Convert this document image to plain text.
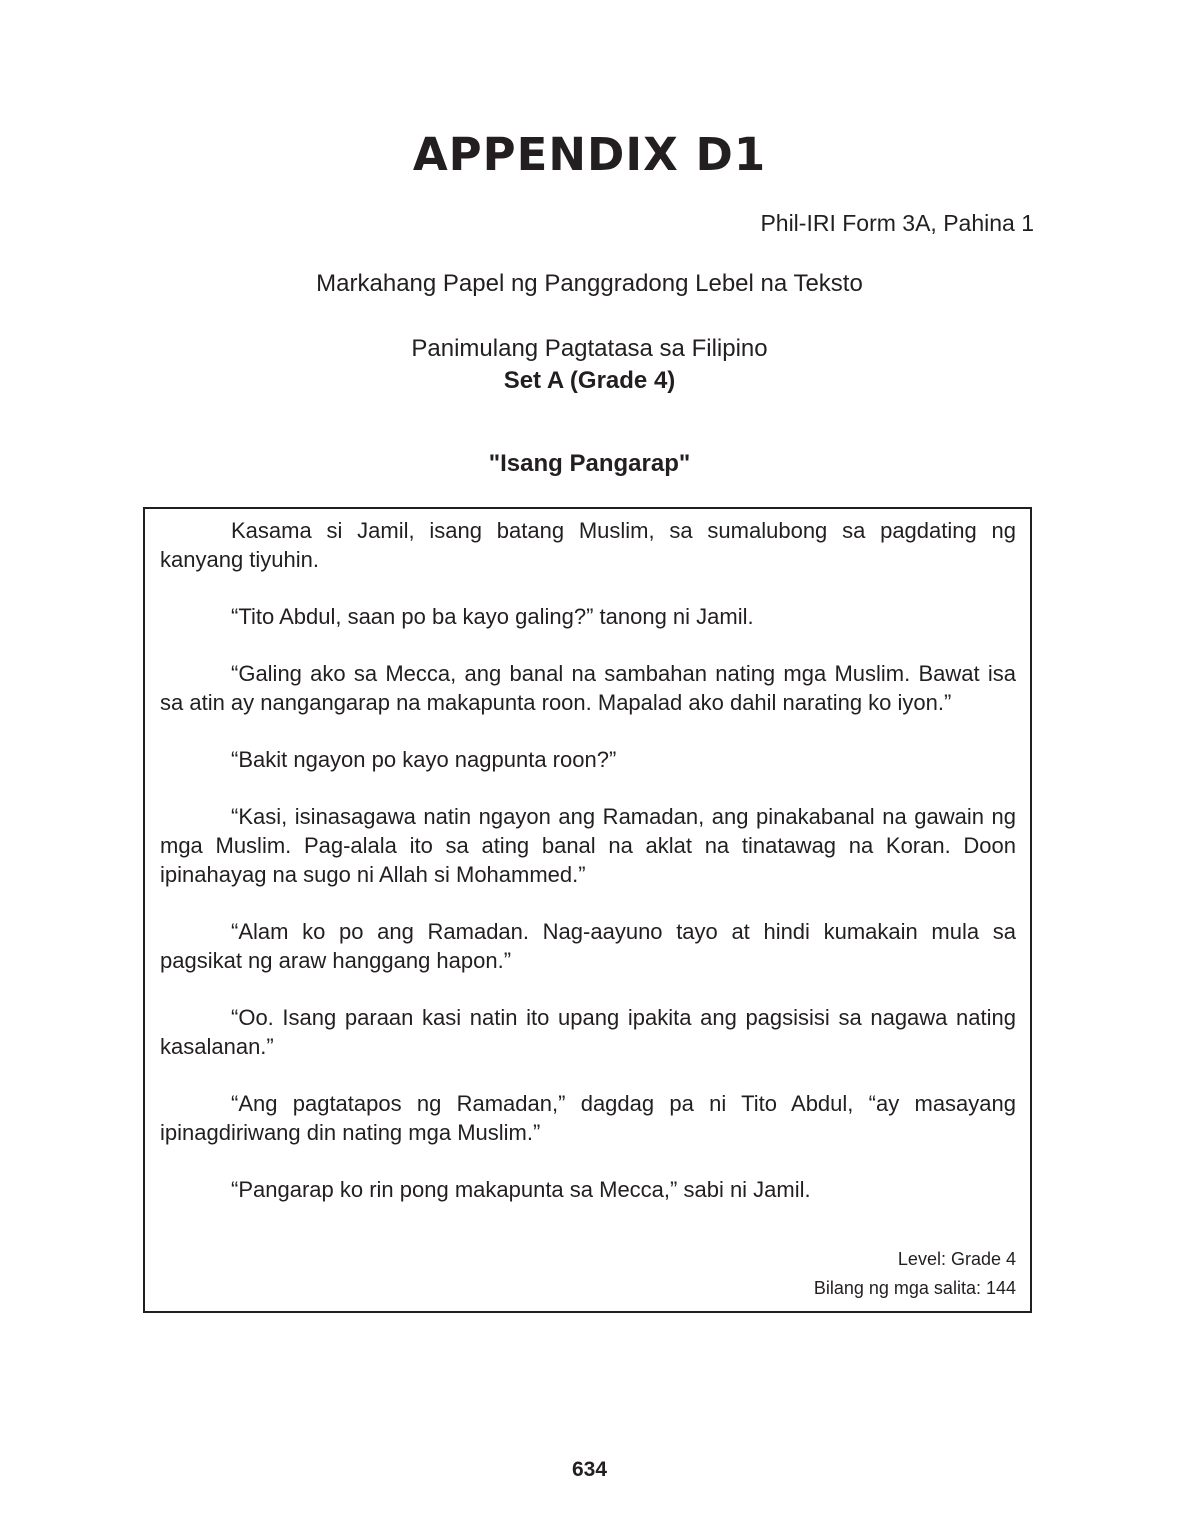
APPENDIX D1

Phil-IRI Form 3A, Pahina 1

Markahang Papel ng Panggradong Lebel na Teksto

Panimulang Pagtatasa sa Filipino

Set A (Grade 4)

"Isang Pangarap"

Kasama si Jamil, isang batang Muslim, sa sumalubong sa pagdating ng kanyang tiyuhin.

“Tito Abdul, saan po ba kayo galing?” tanong ni Jamil.

“Galing ako sa Mecca, ang banal na sambahan nating mga Muslim. Bawat isa sa atin ay nangangarap na makapunta roon. Mapalad ako dahil narating ko iyon.”

“Bakit ngayon po kayo nagpunta roon?”

“Kasi, isinasagawa natin ngayon ang Ramadan, ang pinakabanal na gawain ng mga Muslim. Pag-alala ito sa ating banal na aklat na tinatawag na Koran. Doon ipinahayag na sugo ni Allah si Mohammed.”

“Alam ko po ang Ramadan. Nag-aayuno tayo at hindi kumakain mula sa pagsikat ng araw hanggang hapon.”

“Oo. Isang paraan kasi natin ito upang ipakita ang pagsisisi sa nagawa nating kasalanan.”

“Ang pagtatapos ng Ramadan,” dagdag pa ni Tito Abdul, “ay masayang ipinagdiriwang din nating mga Muslim.”

“Pangarap ko rin pong makapunta sa Mecca,” sabi ni Jamil.

Level: Grade 4

Bilang ng mga salita: 144

634
